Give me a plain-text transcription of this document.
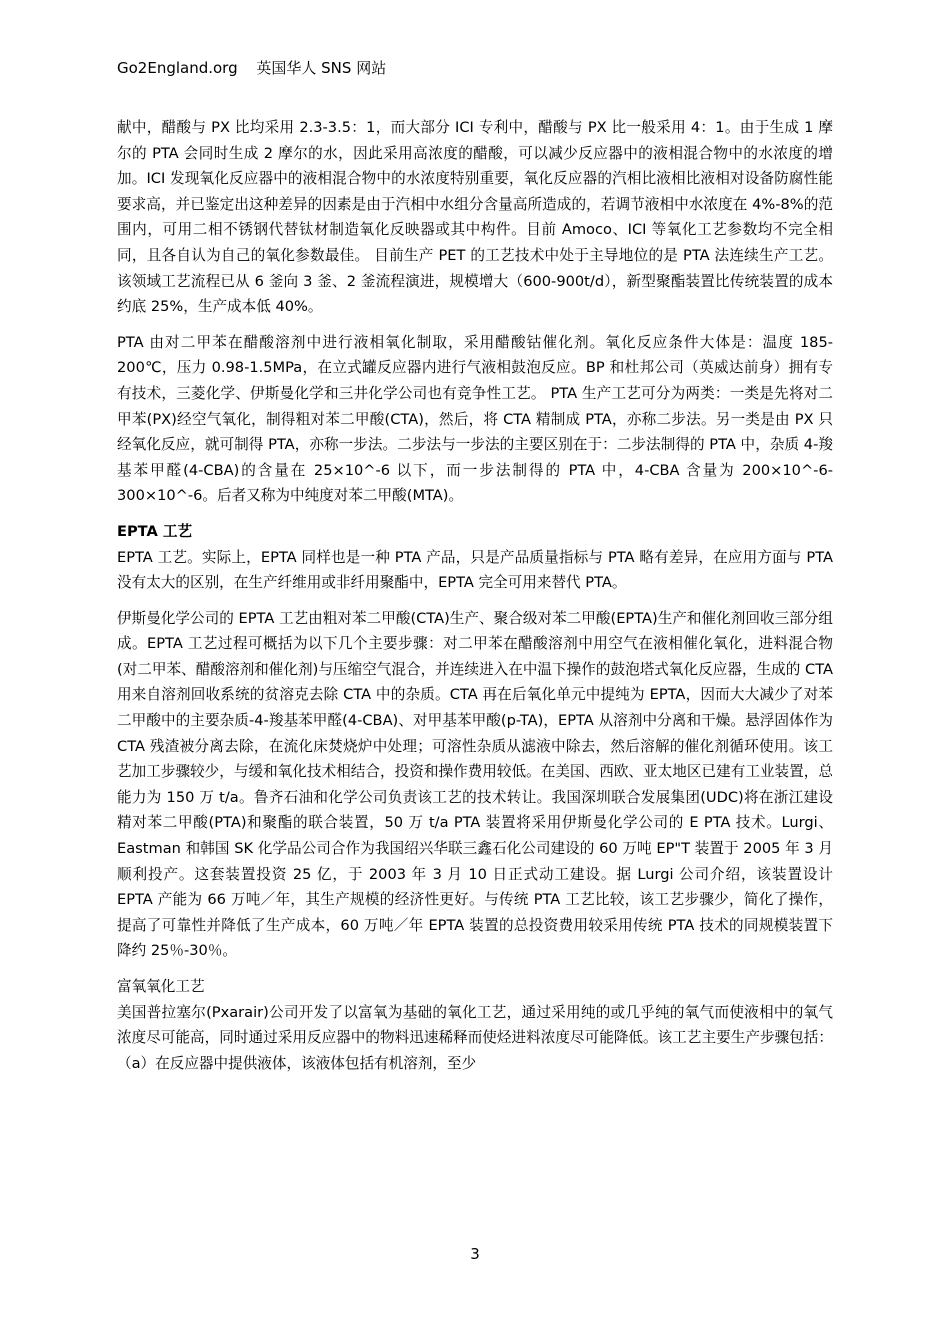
Go2England.org 英国华人 SNS 网站

献中，醋酸与 PX 比均采用 2.3-3.5：1，而大部分 ICI 专利中，醋酸与 PX 比一般采用 4：1。由于生成 1 摩尔的 PTA 会同时生成 2 摩尔的水，因此采用高浓度的醋酸，可以减少反应器中的液相混合物中的水浓度的增加。ICI 发现氧化反应器中的液相混合物中的水浓度特别重要，氧化反应器的汽相比液相比液相对设备防腐性能要求高，并已鉴定出这种差异的因素是由于汽相中水组分含量高所造成的，若调节液相中水浓度在 4%-8%的范围内，可用二相不锈钢代替钛材制造氧化反映器或其中构件。目前 Amoco、ICI 等氧化工艺参数均不完全相同，且各自认为自己的氧化参数最佳。 目前生产 PET 的工艺技术中处于主导地位的是 PTA 法连续生产工艺。该领域工艺流程已从 6 釜向 3 釜、2 釜流程演进，规模增大（600-900t/d），新型聚酯装置比传统装置的成本约底 25%，生产成本低 40%。

PTA 由对二甲苯在醋酸溶剂中进行液相氧化制取，采用醋酸钴催化剂。氧化反应条件大体是：温度 185-200℃，压力 0.98-1.5MPa，在立式罐反应器内进行气液相鼓泡反应。BP 和杜邦公司（英威达前身）拥有专有技术，三菱化学、伊斯曼化学和三井化学公司也有竞争性工艺。 PTA 生产工艺可分为两类：一类是先将对二甲苯(PX)经空气氧化，制得粗对苯二甲酸(CTA)，然后，将 CTA 精制成 PTA，亦称二步法。另一类是由 PX 只经氧化反应，就可制得 PTA，亦称一步法。二步法与一步法的主要区别在于：二步法制得的 PTA 中，杂质 4-羧基苯甲醛(4-CBA)的含量在 25×10^-6 以下，而一步法制得的 PTA 中，4-CBA 含量为 200×10^-6-300×10^-6。后者又称为中纯度对苯二甲酸(MTA)。

EPTA 工艺

EPTA 工艺。实际上，EPTA 同样也是一种 PTA 产品，只是产品质量指标与 PTA 略有差异，在应用方面与 PTA 没有太大的区别，在生产纤维用或非纤用聚酯中，EPTA 完全可用来替代 PTA。

伊斯曼化学公司的 EPTA 工艺由粗对苯二甲酸(CTA)生产、聚合级对苯二甲酸(EPTA)生产和催化剂回收三部分组成。EPTA 工艺过程可概括为以下几个主要步骤：对二甲苯在醋酸溶剂中用空气在液相催化氧化，进料混合物(对二甲苯、醋酸溶剂和催化剂)与压缩空气混合，并连续进入在中温下操作的鼓泡塔式氧化反应器，生成的 CTA 用来自溶剂回收系统的贫溶克去除 CTA 中的杂质。CTA 再在后氧化单元中提纯为 EPTA，因而大大减少了对苯二甲酸中的主要杂质-4-羧基苯甲醛(4-CBA)、对甲基苯甲酸(p-TA)，EPTA 从溶剂中分离和干燥。悬浮固体作为 CTA 残渣被分离去除，在流化床焚烧炉中处理；可溶性杂质从滤液中除去，然后溶解的催化剂循环使用。该工艺加工步骤较少，与缓和氧化技术相结合，投资和操作费用较低。在美国、西欧、亚太地区已建有工业装置，总能力为 150 万 t/a。鲁齐石油和化学公司负责该工艺的技术转让。我国深圳联合发展集团(UDC)将在浙江建设精对苯二甲酸(PTA)和聚酯的联合装置，50 万 t/a PTA 装置将采用伊斯曼化学公司的 E PTA 技术。Lurgi、Eastman 和韩国 SK 化学品公司合作为我国绍兴华联三鑫石化公司建设的 60 万吨 EP"T 装置于 2005 年 3 月顺利投产。这套装置投资 25 亿，于 2003 年 3 月 10 日正式动工建设。据 Lurgi 公司介绍，该装置设计 EPTA 产能为 66 万吨／年，其生产规模的经济性更好。与传统 PTA 工艺比较，该工艺步骤少，简化了操作，提高了可靠性并降低了生产成本，60 万吨／年 EPTA 装置的总投资费用较采用传统 PTA 技术的同规模装置下降约 25％-30％。

富氧氧化工艺

美国普拉塞尔(Pxarair)公司开发了以富氧为基础的氧化工艺，通过采用纯的或几乎纯的氧气而使液相中的氧气浓度尽可能高，同时通过采用反应器中的物料迅速稀释而使烃进料浓度尽可能降低。该工艺主要生产步骤包括：（a）在反应器中提供液体，该液体包括有机溶剂，至少

3
